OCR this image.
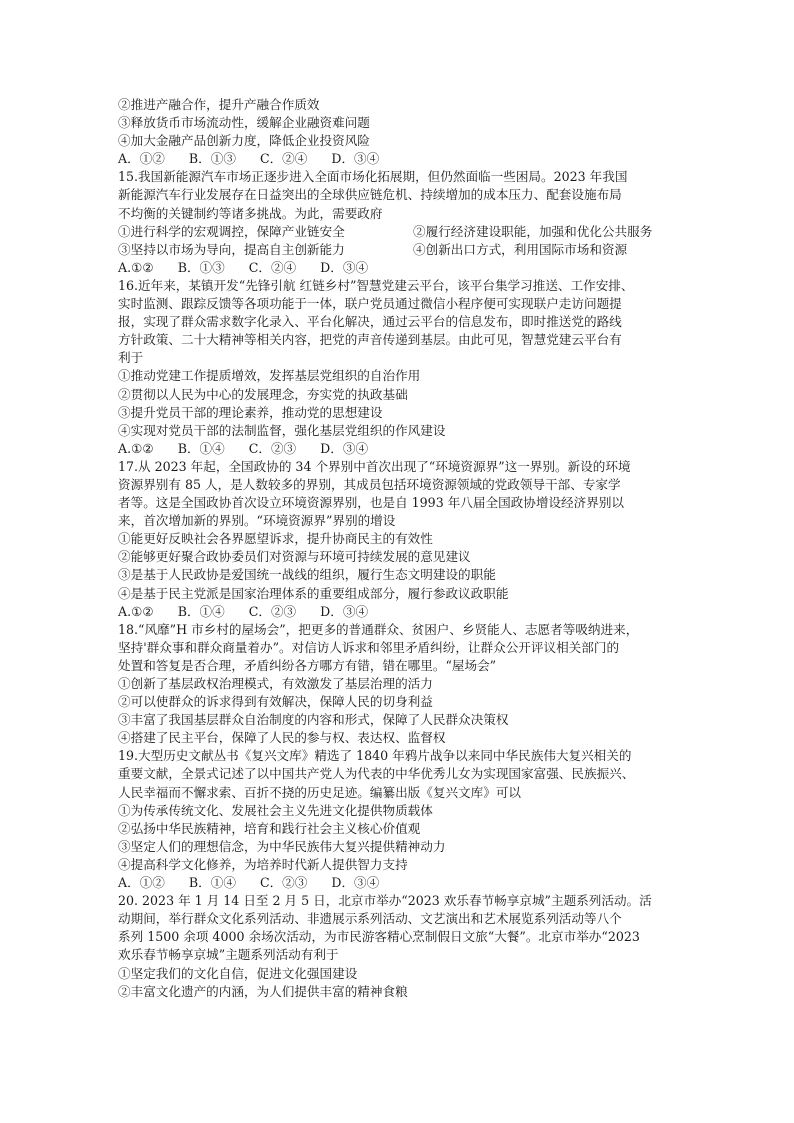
②推进产融合作，提升产融合作质效
③释放货币市场流动性，缓解企业融资难问题
④加大金融产品创新力度，降低企业投资风险
A．①② B．①③ C．②④ D．③④
15.我国新能源汽车市场正逐步进入全面市场化拓展期，但仍然面临一些困局。2023 年我国
新能源汽车行业发展存在日益突出的全球供应链危机、持续增加的成本压力、配套设施布局
不均衡的关键制约等诸多挑战。为此，需要政府
①进行科学的宏观调控，保障产业链安全	②履行经济建设职能，加强和优化公共服务
③坚持以市场为导向，提高自主创新能力	④创新出口方式，利用国际市场和资源
A.①② B．①③ C．②④ D．③④
16.近年来，某镇开发“先锋引航 红链乡村”智慧党建云平台，该平台集学习推送、工作安排、
实时监测、跟踪反馈等各项功能于一体，联户党员通过微信小程序便可实现联户走访问题提
报，实现了群众需求数字化录入、平台化解决，通过云平台的信息发布，即时推送党的路线
方针政策、二十大精神等相关内容，把党的声音传递到基层。由此可见，智慧党建云平台有
利于
①推动党建工作提质增效，发挥基层党组织的自治作用
②贯彻以人民为中心的发展理念，夯实党的执政基础
③提升党员干部的理论素养，推动党的思想建设
④实现对党员干部的法制监督，强化基层党组织的作风建设
A.①② B．①④ C．②③ D．③④
17.从 2023 年起，全国政协的 34 个界别中首次出现了“环境资源界”这一界别。新设的环境
资源界别有 85 人，是人数较多的界别，其成员包括环境资源领域的党政领导干部、专家学
者等。这是全国政协首次设立环境资源界别，也是自 1993 年八届全国政协增设经济界别以
来，首次增加新的界别。“环境资源界”界别的增设
①能更好反映社会各界愿望诉求，提升协商民主的有效性
②能够更好聚合政协委员们对资源与环境可持续发展的意见建议
③是基于人民政协是爱国统一战线的组织，履行生态文明建设的职能
④是基于民主党派是国家治理体系的重要组成部分，履行参政议政职能
A.①② B．①④ C．②③ D．③④
18.“风靡”H 市乡村的屋场会”，把更多的普通群众、贫困户、乡贤能人、志愿者等吸纳进来，
坚持'群众事和群众商量着办”。对信访人诉求和邻里矛盾纠纷，让群众公开评议相关部门的
处置和答复是否合理，矛盾纠纷各方哪方有错，错在哪里。“屋场会”
①创新了基层政权治理模式，有效激发了基层治理的活力
②可以使群众的诉求得到有效解决，保障人民的切身利益
③丰富了我国基层群众自治制度的内容和形式，保障了人民群众决策权
④搭建了民主平台，保障了人民的参与权、表达权、监督权
19.大型历史文献丛书《复兴文库》精选了 1840 年鸦片战争以来同中华民族伟大复兴相关的
重要文献，全景式记述了以中国共产党人为代表的中华优秀儿女为实现国家富强、民族振兴、
人民幸福而不懈求索、百折不挠的历史足迹。编纂出版《复兴文库》可以
①为传承传统文化、发展社会主义先进文化提供物质载体
②弘扬中华民族精神，培育和践行社会主义核心价值观
③坚定人们的理想信念，为中华民族伟大复兴提供精神动力
④提高科学文化修养，为培养时代新人提供智力支持
A．①② B．①④ C．②③ D．③④
20. 2023 年 1 月 14 日至 2 月 5 日，北京市举办“2023 欢乐春节畅享京城”主题系列活动。活
动期间，举行群众文化系列活动、非遗展示系列活动、文艺演出和艺术展览系列活动等八个
系列 1500 余项 4000 余场次活动，为市民游客精心烹制假日文旅“大餐”。北京市举办“2023
欢乐春节畅享京城”主题系列活动有利于
①坚定我们的文化自信，促进文化强国建设
②丰富文化遗产的内涵，为人们提供丰富的精神食粮
